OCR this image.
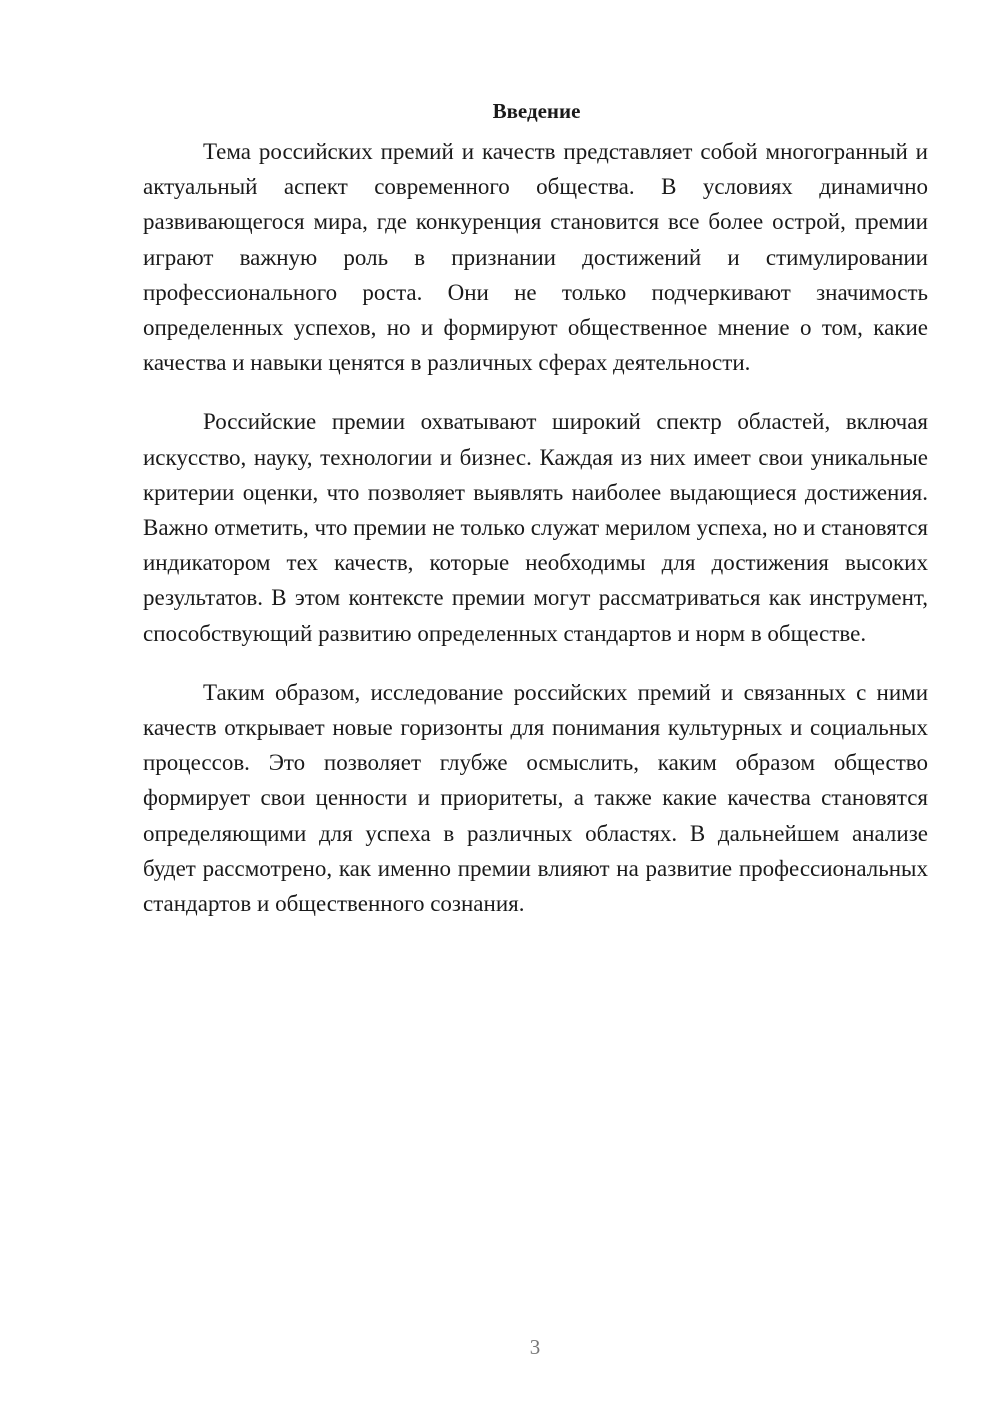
Введение

Тема российских премий и качеств представляет собой многогранный и актуальный аспект современного общества. В условиях динамично развивающегося мира, где конкуренция становится все более острой, премии играют важную роль в признании достижений и стимулировании профессионального роста. Они не только подчеркивают значимость определенных успехов, но и формируют общественное мнение о том, какие качества и навыки ценятся в различных сферах деятельности.

Российские премии охватывают широкий спектр областей, включая искусство, науку, технологии и бизнес. Каждая из них имеет свои уникальные критерии оценки, что позволяет выявлять наиболее выдающиеся достижения. Важно отметить, что премии не только служат мерилом успеха, но и становятся индикатором тех качеств, которые необходимы для достижения высоких результатов. В этом контексте премии могут рассматриваться как инструмент, способствующий развитию определенных стандартов и норм в обществе.

Таким образом, исследование российских премий и связанных с ними качеств открывает новые горизонты для понимания культурных и социальных процессов. Это позволяет глубже осмыслить, каким образом общество формирует свои ценности и приоритеты, а также какие качества становятся определяющими для успеха в различных областях. В дальнейшем анализе будет рассмотрено, как именно премии влияют на развитие профессиональных стандартов и общественного сознания.

3
